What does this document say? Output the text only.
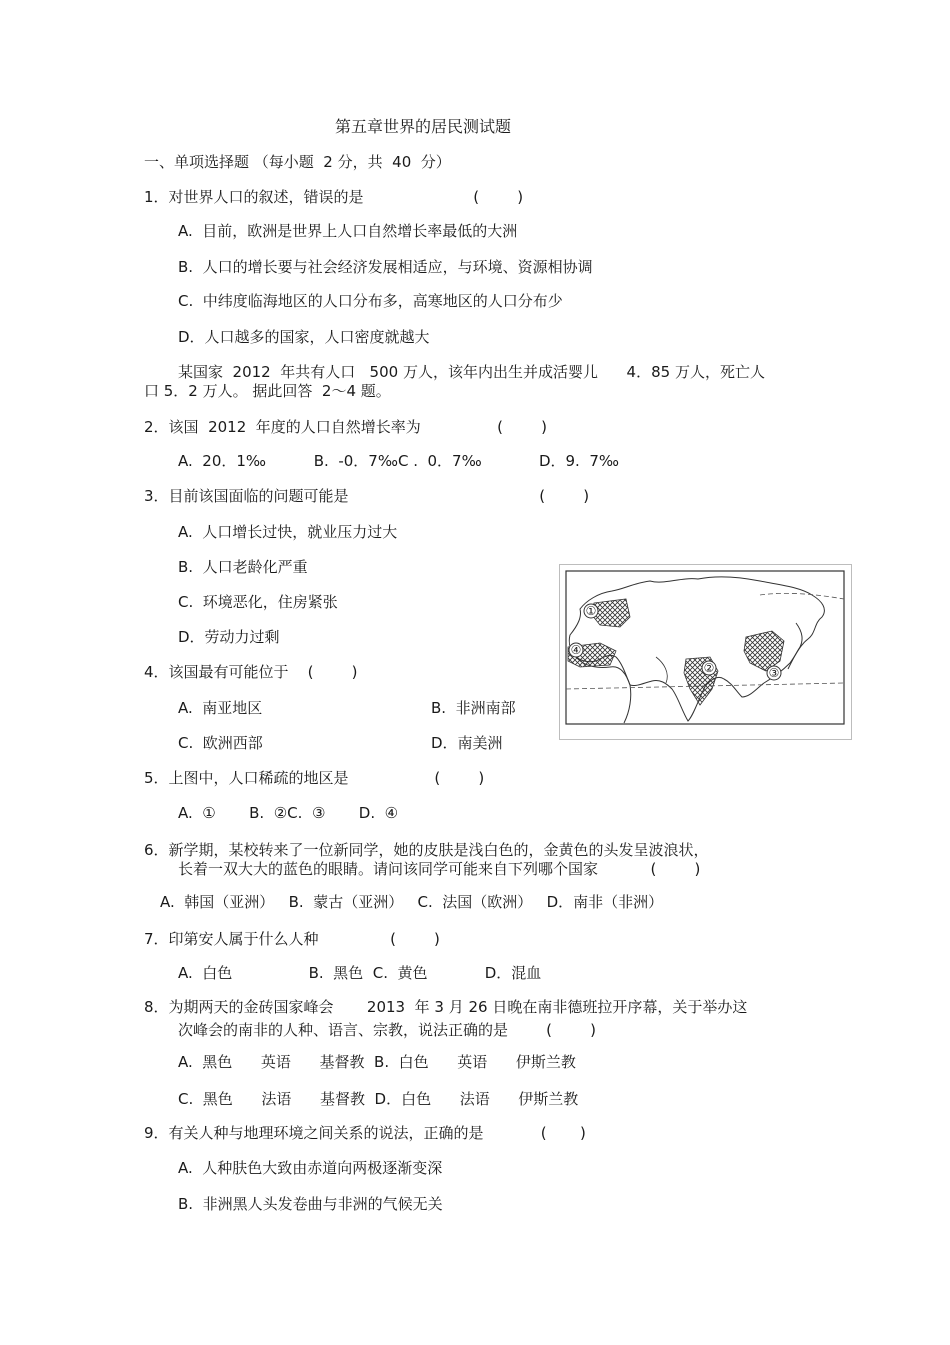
第五章世界的居民测试题
一、单项选择题 （每小题  2 分，共  40  分）
1．对世界人口的叙述，错误的是                       (        )
A.  目前，欧洲是世界上人口自然增长率最低的大洲
B.  人口的增长要与社会经济发展相适应，与环境、资源相协调
C.  中纬度临海地区的人口分布多，高寒地区的人口分布少
D．人口越多的国家，人口密度就越大
某国家  2012  年共有人口   500 万人，该年内出生并成活婴儿      4．85 万人，死亡人
口 5．2 万人。 据此回答  2～4 题。
2．该国  2012  年度的人口自然增长率为                (        )
A.  20．1‰          B.  -0．7‰C .  0．7‰            D．9.  7‰
3．目前该国面临的问题可能是                                        (        )
A.  人口增长过快，就业压力过大
B.  人口老龄化严重
C.  环境恶化，住房紧张
D．劳动力过剩
4．该国最有可能位于    (        )
A.  南亚地区	B.  非洲南部
C.  欧洲西部	D．南美洲
5．上图中，人口稀疏的地区是                  (        )
A.  ①       B.  ②C.  ③       D.  ④
6．新学期，某校转来了一位新同学，她的皮肤是浅白色的，金黄色的头发呈波浪状，
长着一双大大的蓝色的眼睛。请问该同学可能来自下列哪个国家           (        )
A.  韩国（亚洲）   B.  蒙古（亚洲）   C.  法国（欧洲）   D．南非（非洲）
7．印第安人属于什么人种               (        )
A.  白色                B.  黑色  C.  黄色            D．混血
8．为期两天的金砖国家峰会       2013  年 3 月 26 日晚在南非德班拉开序幕，关于举办这
次峰会的南非的人种、语言、宗教，说法正确的是        (        )
A.  黑色      英语      基督教  B.  白色      英语      伊斯兰教
C.  黑色      法语      基督教  D．白色      法语      伊斯兰教
9．有关人种与地理环境之间关系的说法，正确的是            (       )
A.  人种肤色大致由赤道向两极逐渐变深
B.  非洲黑人头发卷曲与非洲的气候无关
①
②	③
④
